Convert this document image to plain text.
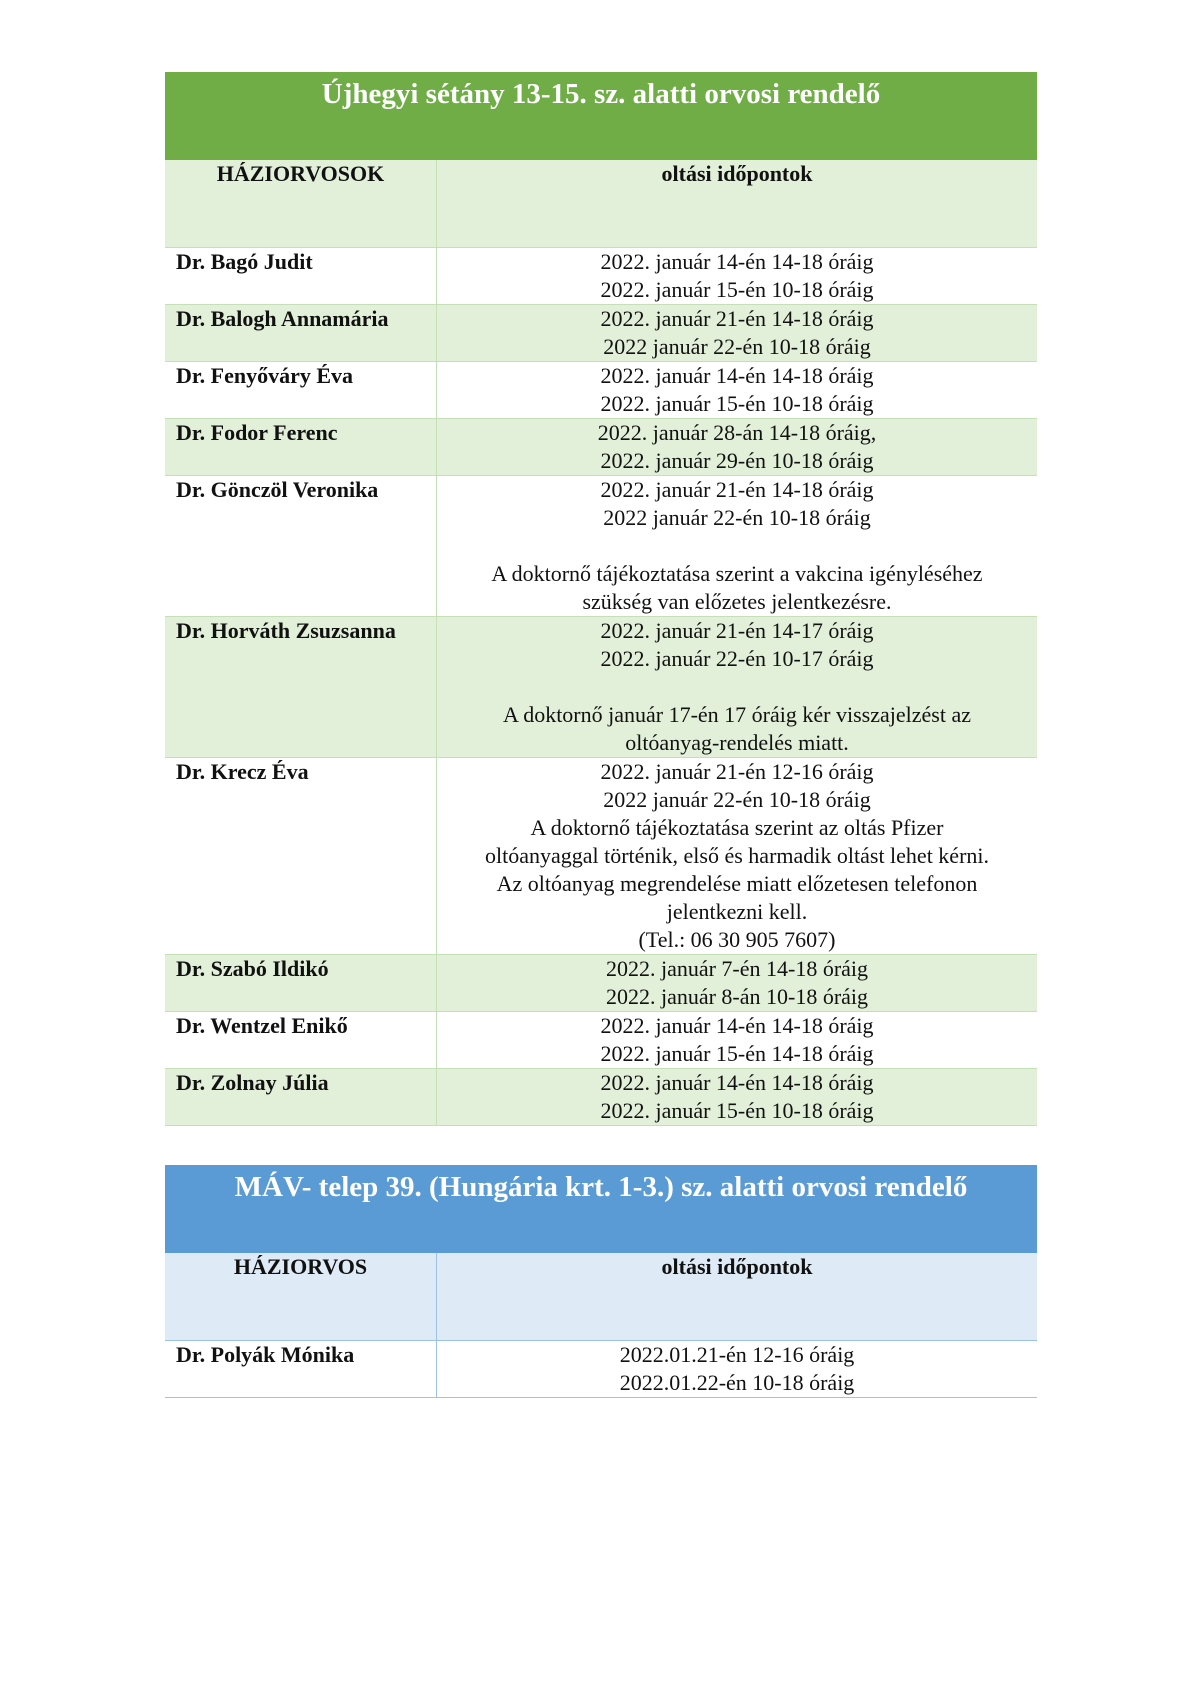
Újhegyi sétány 13-15. sz. alatti orvosi rendelő
HÁZIORVOSOK	oltási időpontok
Dr. Bagó Judit	2022. január 14-én 14-18 óráig
2022. január 15-én 10-18 óráig
Dr. Balogh Annamária	2022. január 21-én 14-18 óráig
2022 január 22-én 10-18 óráig
Dr. Fenyőváry Éva	2022. január 14-én 14-18 óráig
2022. január 15-én 10-18 óráig
Dr. Fodor Ferenc	2022. január 28-án 14-18 óráig,
2022. január 29-én 10-18 óráig
Dr. Gönczöl Veronika	2022. január 21-én 14-18 óráig
2022 január 22-én 10-18 óráig
A doktornő tájékoztatása szerint a vakcina igényléséhez
szükség van előzetes jelentkezésre.
Dr. Horváth Zsuzsanna	2022. január 21-én 14-17 óráig
2022. január 22-én 10-17 óráig
A doktornő január 17-én 17 óráig kér visszajelzést az
oltóanyag-rendelés miatt.
Dr. Krecz Éva	2022. január 21-én 12-16 óráig
2022 január 22-én 10-18 óráig
A doktornő tájékoztatása szerint az oltás Pfizer
oltóanyaggal történik, első és harmadik oltást lehet kérni.
Az oltóanyag megrendelése miatt előzetesen telefonon
jelentkezni kell.
(Tel.: 06 30 905 7607)
Dr. Szabó Ildikó	2022. január 7-én 14-18 óráig
2022. január 8-án 10-18 óráig
Dr. Wentzel Enikő	2022. január 14-én 14-18 óráig
2022. január 15-én 14-18 óráig
Dr. Zolnay Júlia	2022. január 14-én 14-18 óráig
2022. január 15-én 10-18 óráig
MÁV- telep 39. (Hungária krt. 1-3.) sz. alatti orvosi rendelő
HÁZIORVOS	oltási időpontok
Dr. Polyák Mónika	2022.01.21-én 12-16 óráig
2022.01.22-én 10-18 óráig
